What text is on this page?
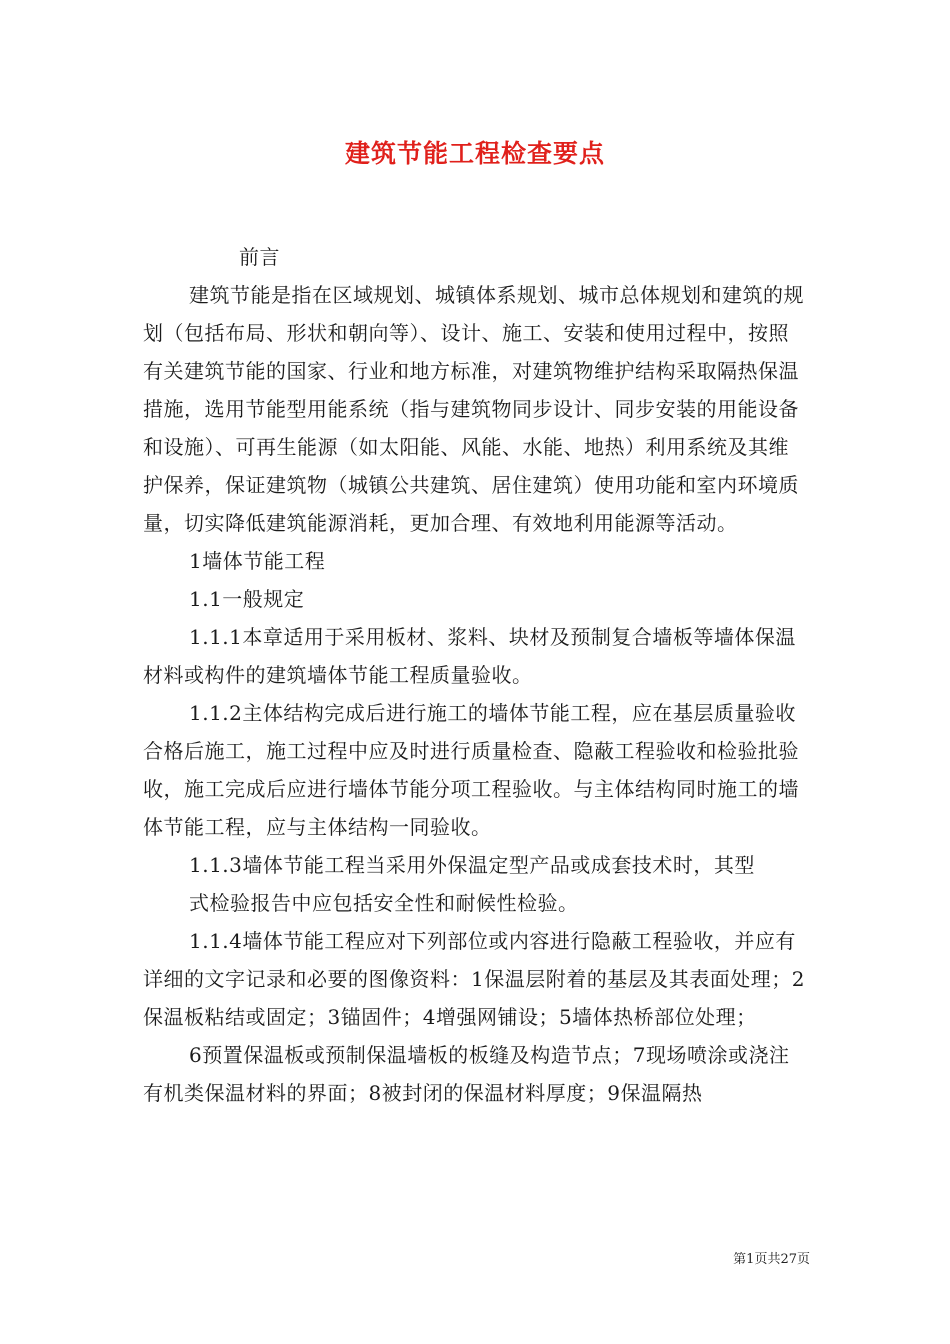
建筑节能工程检查要点

前言

建筑节能是指在区域规划、城镇体系规划、城市总体规划和建筑的规划（包括布局、形状和朝向等）、设计、施工、安装和使用过程中，按照有关建筑节能的国家、行业和地方标准，对建筑物维护结构采取隔热保温措施，选用节能型用能系统（指与建筑物同步设计、同步安装的用能设备和设施）、可再生能源（如太阳能、风能、水能、地热）利用系统及其维护保养，保证建筑物（城镇公共建筑、居住建筑）使用功能和室内环境质量，切实降低建筑能源消耗，更加合理、有效地利用能源等活动。

1墙体节能工程

1.1一般规定

1.1.1本章适用于采用板材、浆料、块材及预制复合墙板等墙体保温材料或构件的建筑墙体节能工程质量验收。

1.1.2主体结构完成后进行施工的墙体节能工程，应在基层质量验收合格后施工，施工过程中应及时进行质量检查、隐蔽工程验收和检验批验收，施工完成后应进行墙体节能分项工程验收。与主体结构同时施工的墙体节能工程，应与主体结构一同验收。

1.1.3墙体节能工程当采用外保温定型产品或成套技术时，其型

式检验报告中应包括安全性和耐候性检验。

1.1.4墙体节能工程应对下列部位或内容进行隐蔽工程验收，并应有详细的文字记录和必要的图像资料：1保温层附着的基层及其表面处理；2保温板粘结或固定；3锚固件；4增强网铺设；5墙体热桥部位处理；

6预置保温板或预制保温墙板的板缝及构造节点；7现场喷涂或浇注有机类保温材料的界面；8被封闭的保温材料厚度；9保温隔热

第1页共27页
